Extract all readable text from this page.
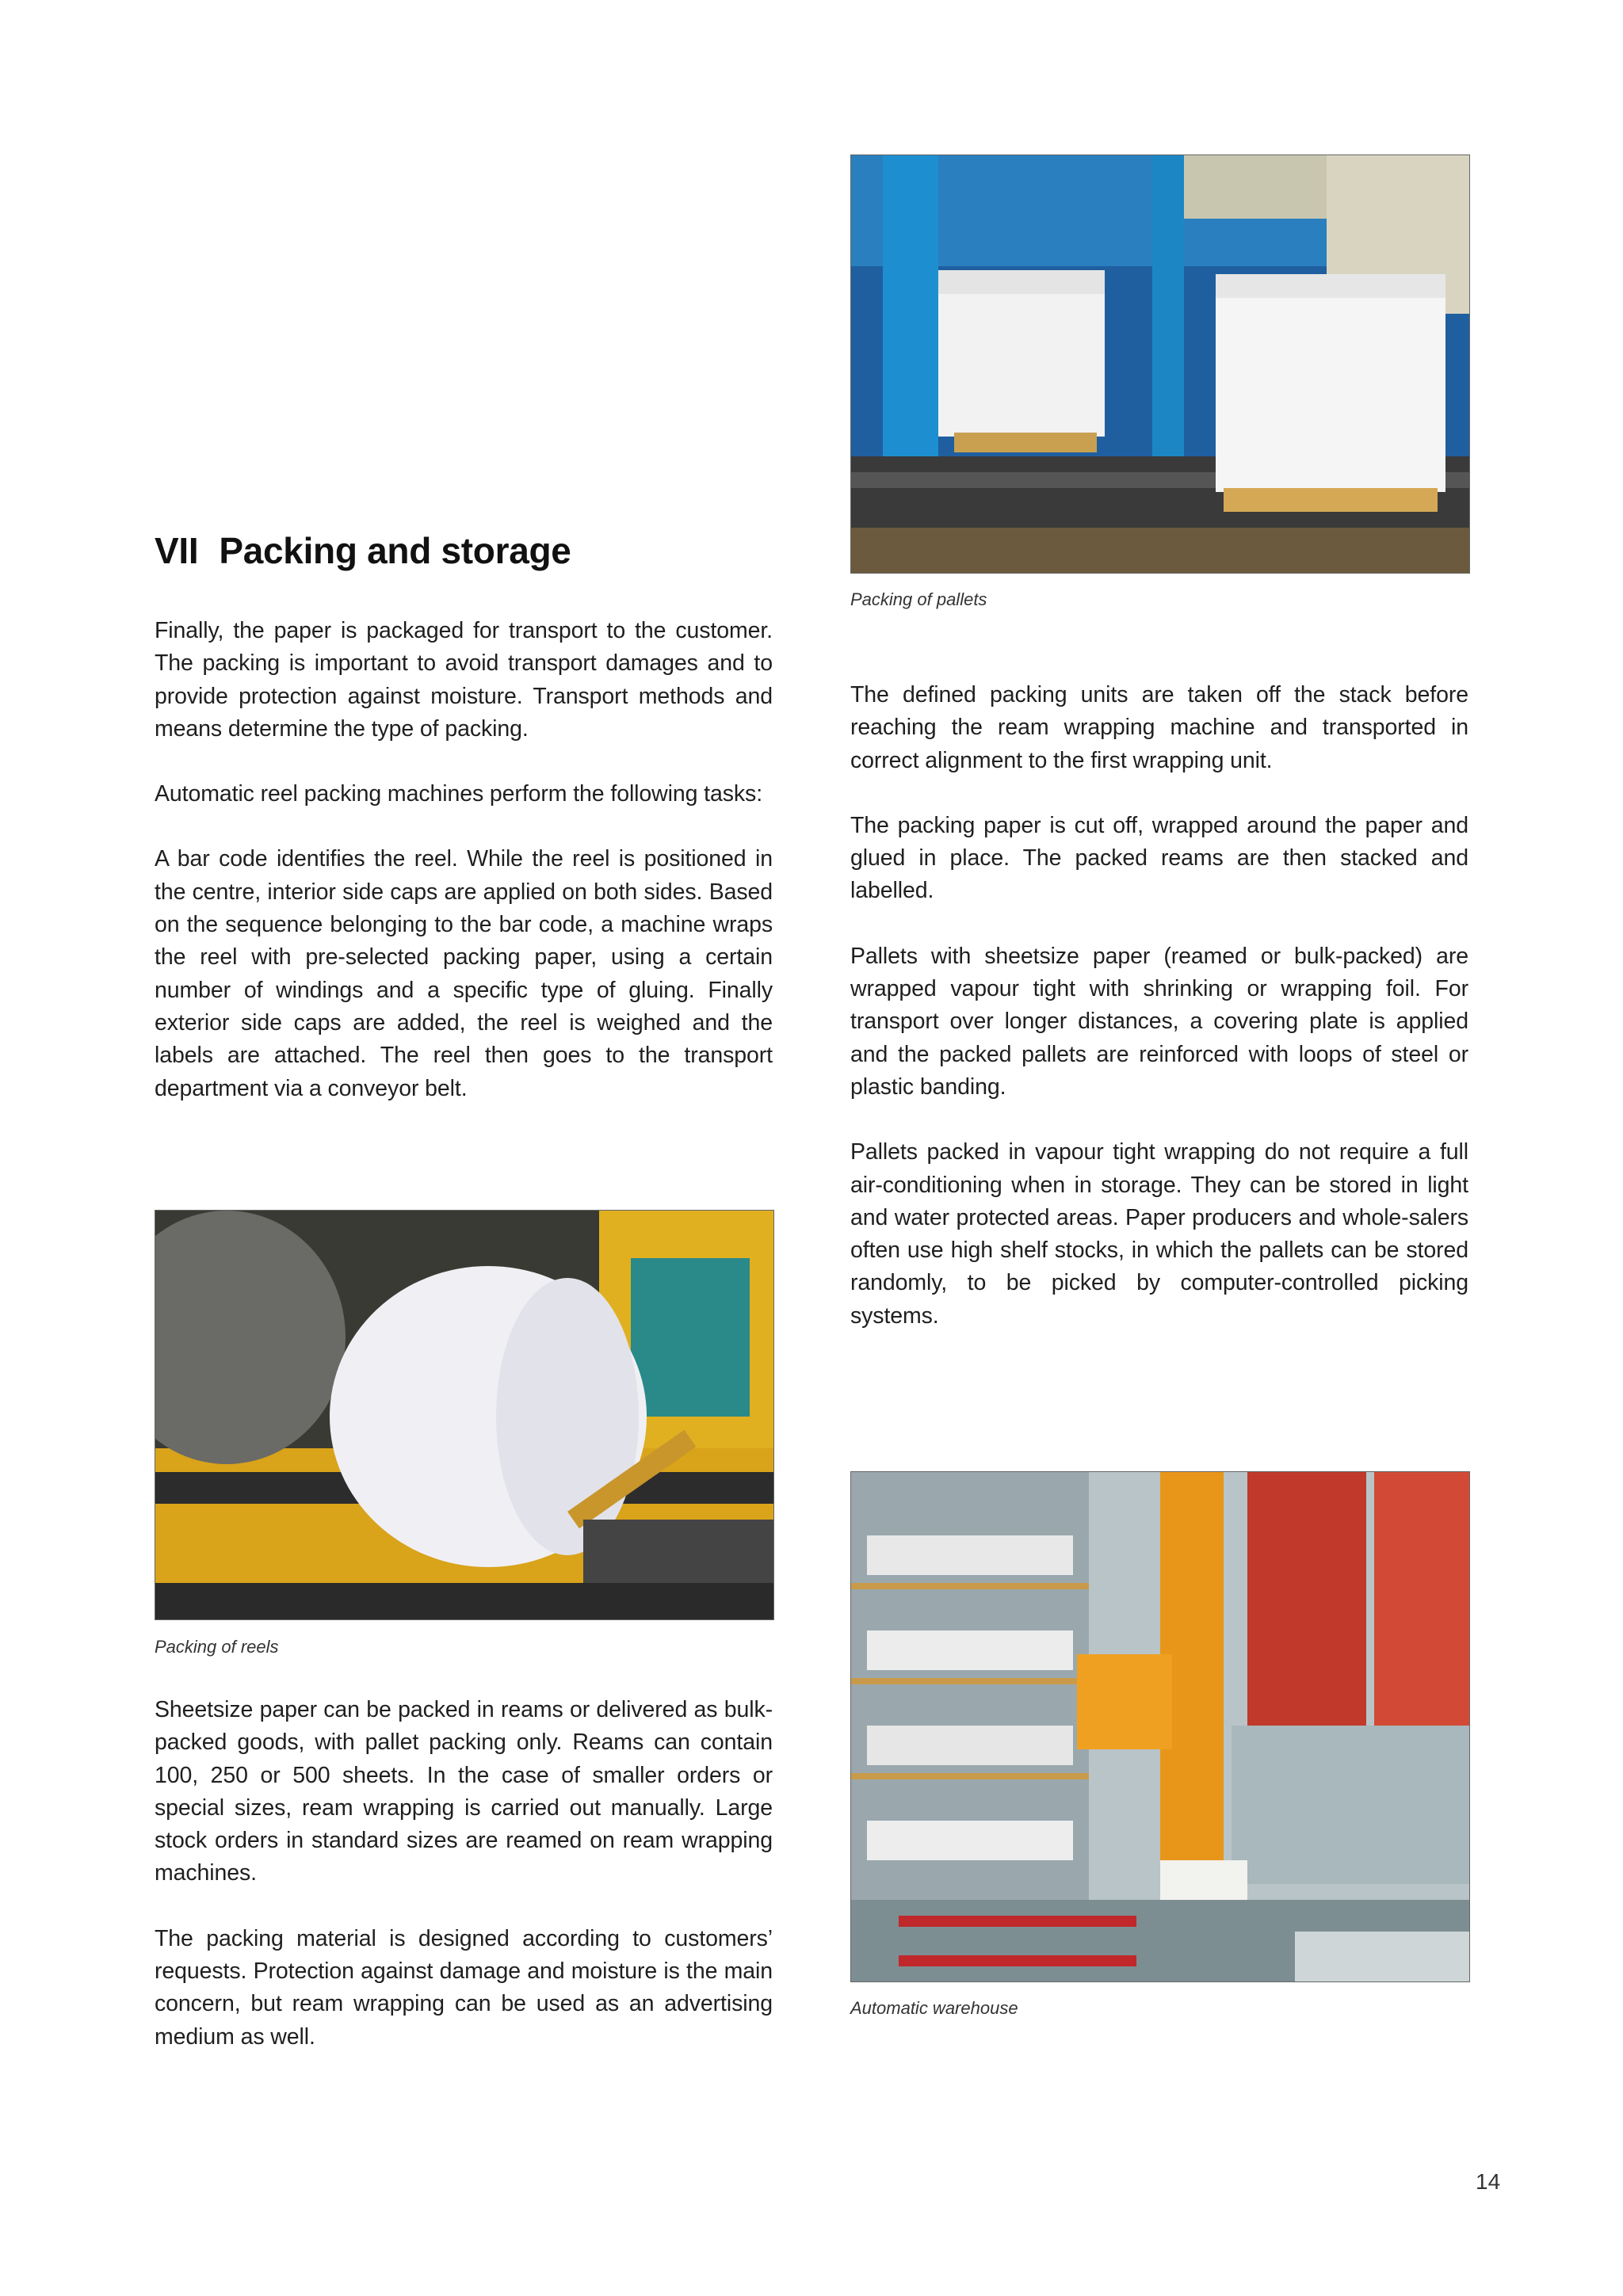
Packing of pallets
VII Packing and storage

Finally, the paper is packaged for transport to the customer. The packing is important to avoid transport damages and to provide protection against moisture. Transport methods and means determine the type of packing.

Automatic reel packing machines perform the following tasks:

A bar code identifies the reel. While the reel is positioned in the centre, interior side caps are applied on both sides. Based on the sequence belonging to the bar code, a machine wraps the reel with pre-selected packing paper, using a certain number of windings and a specific type of gluing. Finally exterior side caps are added, the reel is weighed and the labels are attached. The reel then goes to the transport department via a conveyor belt.

Packing of reels

Sheetsize paper can be packed in reams or delivered as bulk-packed goods, with pallet packing only. Reams can contain 100, 250 or 500 sheets. In the case of smaller orders or special sizes, ream wrapping is carried out manually. Large stock orders in standard sizes are reamed on ream wrapping machines.

The packing material is designed according to customers’ requests. Protection against damage and moisture is the main concern, but ream wrapping can be used as an advertising medium as well.

The defined packing units are taken off the stack before reaching the ream wrapping machine and transported in correct alignment to the first wrapping unit.

The packing paper is cut off, wrapped around the paper and glued in place. The packed reams are then stacked and labelled.

Pallets with sheetsize paper (reamed or bulk-packed) are wrapped vapour tight with shrinking or wrapping foil. For transport over longer distances, a covering plate is applied and the packed pallets are reinforced with loops of steel or plastic banding.

Pallets packed in vapour tight wrapping do not require a full air-conditioning when in storage. They can be stored in light and water protected areas. Paper producers and whole-salers often use high shelf stocks, in which the pallets can be stored randomly, to be picked by computer-controlled picking systems.

Automatic warehouse
14
